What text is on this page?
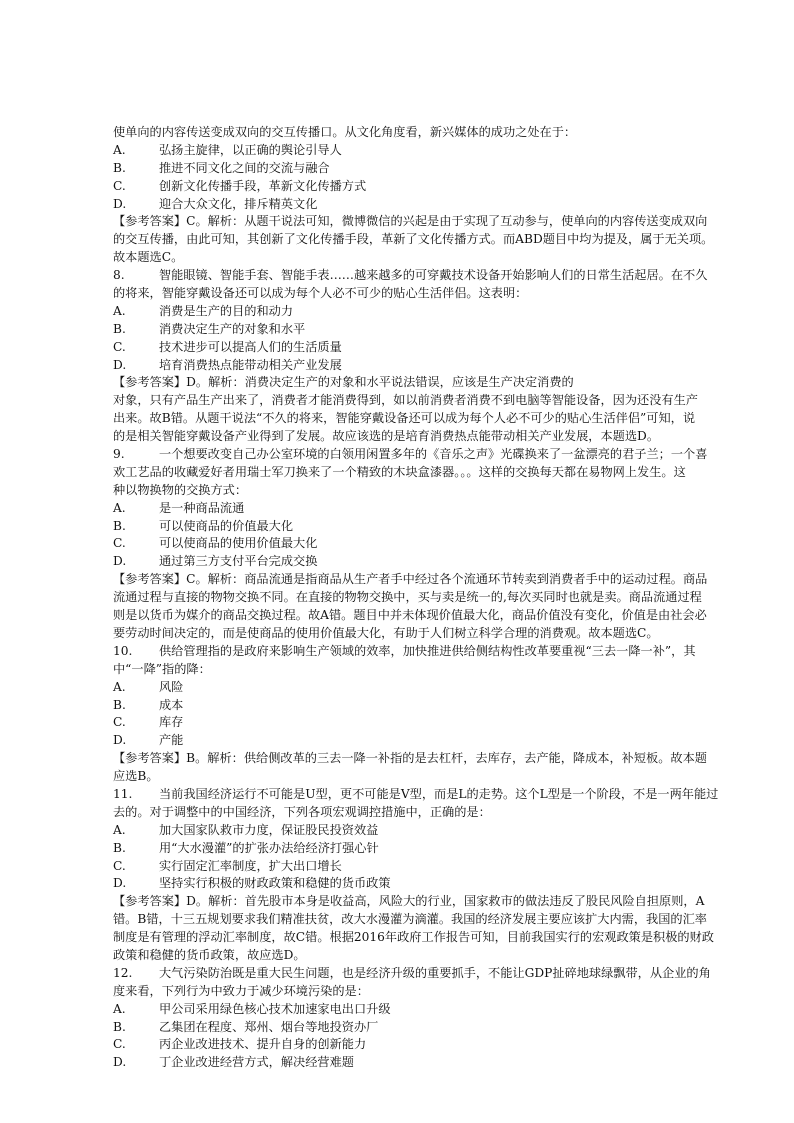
使单向的内容传送变成双向的交互传播口。从文化角度看，新兴媒体的成功之处在于：
A.	弘扬主旋律，以正确的舆论引导人
B.	推进不同文化之间的交流与融合
C.	创新文化传播手段，革新文化传播方式
D.	迎合大众文化，排斥精英文化
【参考答案】C。解析：从题干说法可知，微博微信的兴起是由于实现了互动参与，使单向的内容传送变成双向
的交互传播，由此可知，其创新了文化传播手段，革新了文化传播方式。而ABD题目中均为提及，属于无关项。
故本题选C。
8.	智能眼镜、智能手套、智能手表……越来越多的可穿戴技术设备开始影响人们的日常生活起居。在不久
的将来，智能穿戴设备还可以成为每个人必不可少的贴心生活伴侣。这表明：
A.	消费是生产的目的和动力
B.	消费决定生产的对象和水平
C.	技术进步可以提高人们的生活质量
D.	培育消费热点能带动相关产业发展
【参考答案】D。解析：消费决定生产的对象和水平说法错误，应该是生产决定消费的
对象，只有产品生产出来了，消费者才能消费得到，如以前消费者消费不到电脑等智能设备，因为还没有生产
出来。故B错。从题干说法“不久的将来，智能穿戴设备还可以成为每个人必不可少的贴心生活伴侣”可知，说
的是相关智能穿戴设备产业得到了发展。故应该选的是培育消费热点能带动相关产业发展，本题选D。
9.	一个想要改变自己办公室环境的白领用闲置多年的《音乐之声》光碟换来了一盆漂亮的君子兰；一个喜
欢工艺品的收藏爱好者用瑞士军刀换来了一个精致的木块盒漆器。。。这样的交换每天都在易物网上发生。这
种以物换物的交换方式：
A.	是一种商品流通
B.	可以使商品的价值最大化
C.	可以使商品的使用价值最大化
D.	通过第三方支付平台完成交换
【参考答案】C。解析：商品流通是指商品从生产者手中经过各个流通环节转卖到消费者手中的运动过程。商品
流通过程与直接的物物交换不同。在直接的物物交换中，买与卖是统一的,每次买同时也就是卖。商品流通过程
则是以货币为媒介的商品交换过程。故A错。题目中并未体现价值最大化，商品价值没有变化，价值是由社会必
要劳动时间决定的，而是使商品的使用价值最大化，有助于人们树立科学合理的消费观。故本题选C。
10. 供给管理指的是政府来影响生产领域的效率，加快推进供给侧结构性改革要重视“三去一降一补”，其
中“一降”指的降：
A.	风险
B.	成本
C.	库存
D.	产能
【参考答案】B。解析：供给侧改革的三去一降一补指的是去杠杆，去库存，去产能，降成本，补短板。故本题
应选B。
11. 当前我国经济运行不可能是U型，更不可能是V型，而是L的走势。这个L型是一个阶段，不是一两年能过
去的。对于调整中的中国经济，下列各项宏观调控措施中，正确的是：
A.	加大国家队救市力度，保证股民投资效益
B.	用“大水漫灌”的扩张办法给经济打强心针
C.	实行固定汇率制度，扩大出口增长
D.	坚持实行积极的财政政策和稳健的货币政策
【参考答案】D。解析：首先股市本身是收益高，风险大的行业，国家救市的做法违反了股民风险自担原则，A
错。B错，十三五规划要求我们精准扶贫，改大水漫灌为滴灌。我国的经济发展主要应该扩大内需，我国的汇率
制度是有管理的浮动汇率制度，故C错。根据2016年政府工作报告可知，目前我国实行的宏观政策是积极的财政
政策和稳健的货币政策，故应选D。
12. 大气污染防治既是重大民生问题，也是经济升级的重要抓手，不能让GDP扯碎地球绿飘带，从企业的角
度来看，下列行为中致力于减少环境污染的是：
A.	甲公司采用绿色核心技术加速家电出口升级
B.	乙集团在程度、郑州、烟台等地投资办厂
C.	丙企业改进技术、提升自身的创新能力
D.	丁企业改进经营方式，解决经营难题
